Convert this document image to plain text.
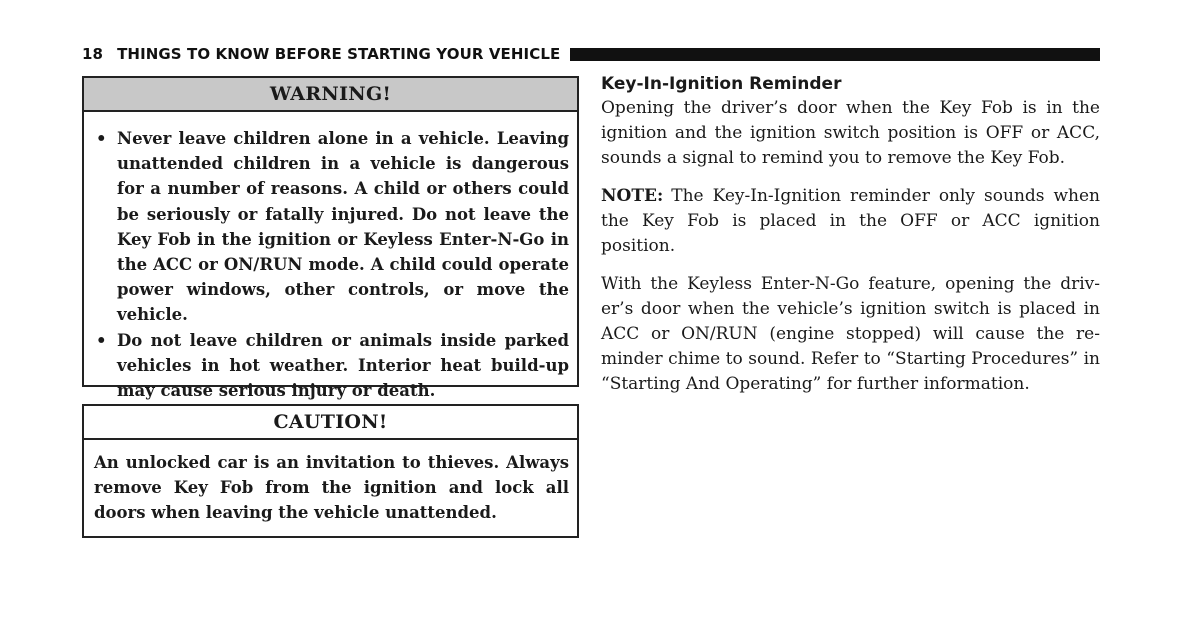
18 THINGS TO KNOW BEFORE STARTING YOUR VEHICLE
WARNING!
• Never leave children alone in a vehicle. Leaving unattended children in a vehicle is dangerous for a number of reasons. A child or others could be seriously or fatally injured. Do not leave the Key Fob in the ignition or Keyless Enter-N-Go in the ACC or ON/RUN mode. A child could operate power windows, other controls, or move the vehicle.
• Do not leave children or animals inside parked vehicles in hot weather. Interior heat build-up may cause serious injury or death.
CAUTION!
An unlocked car is an invitation to thieves. Always remove Key Fob from the ignition and lock all doors when leaving the vehicle unattended.
Key-In-Ignition Reminder

Opening the driver’s door when the Key Fob is in the ignition and the ignition switch position is OFF or ACC, sounds a signal to remind you to remove the Key Fob.

NOTE: The Key-In-Ignition reminder only sounds when the Key Fob is placed in the OFF or ACC ignition position.

With the Keyless Enter-N-Go feature, opening the driver’s door when the vehicle’s ignition switch is placed in ACC or ON/RUN (engine stopped) will cause the reminder chime to sound. Refer to “Starting Procedures” in “Starting And Operating” for further information.
